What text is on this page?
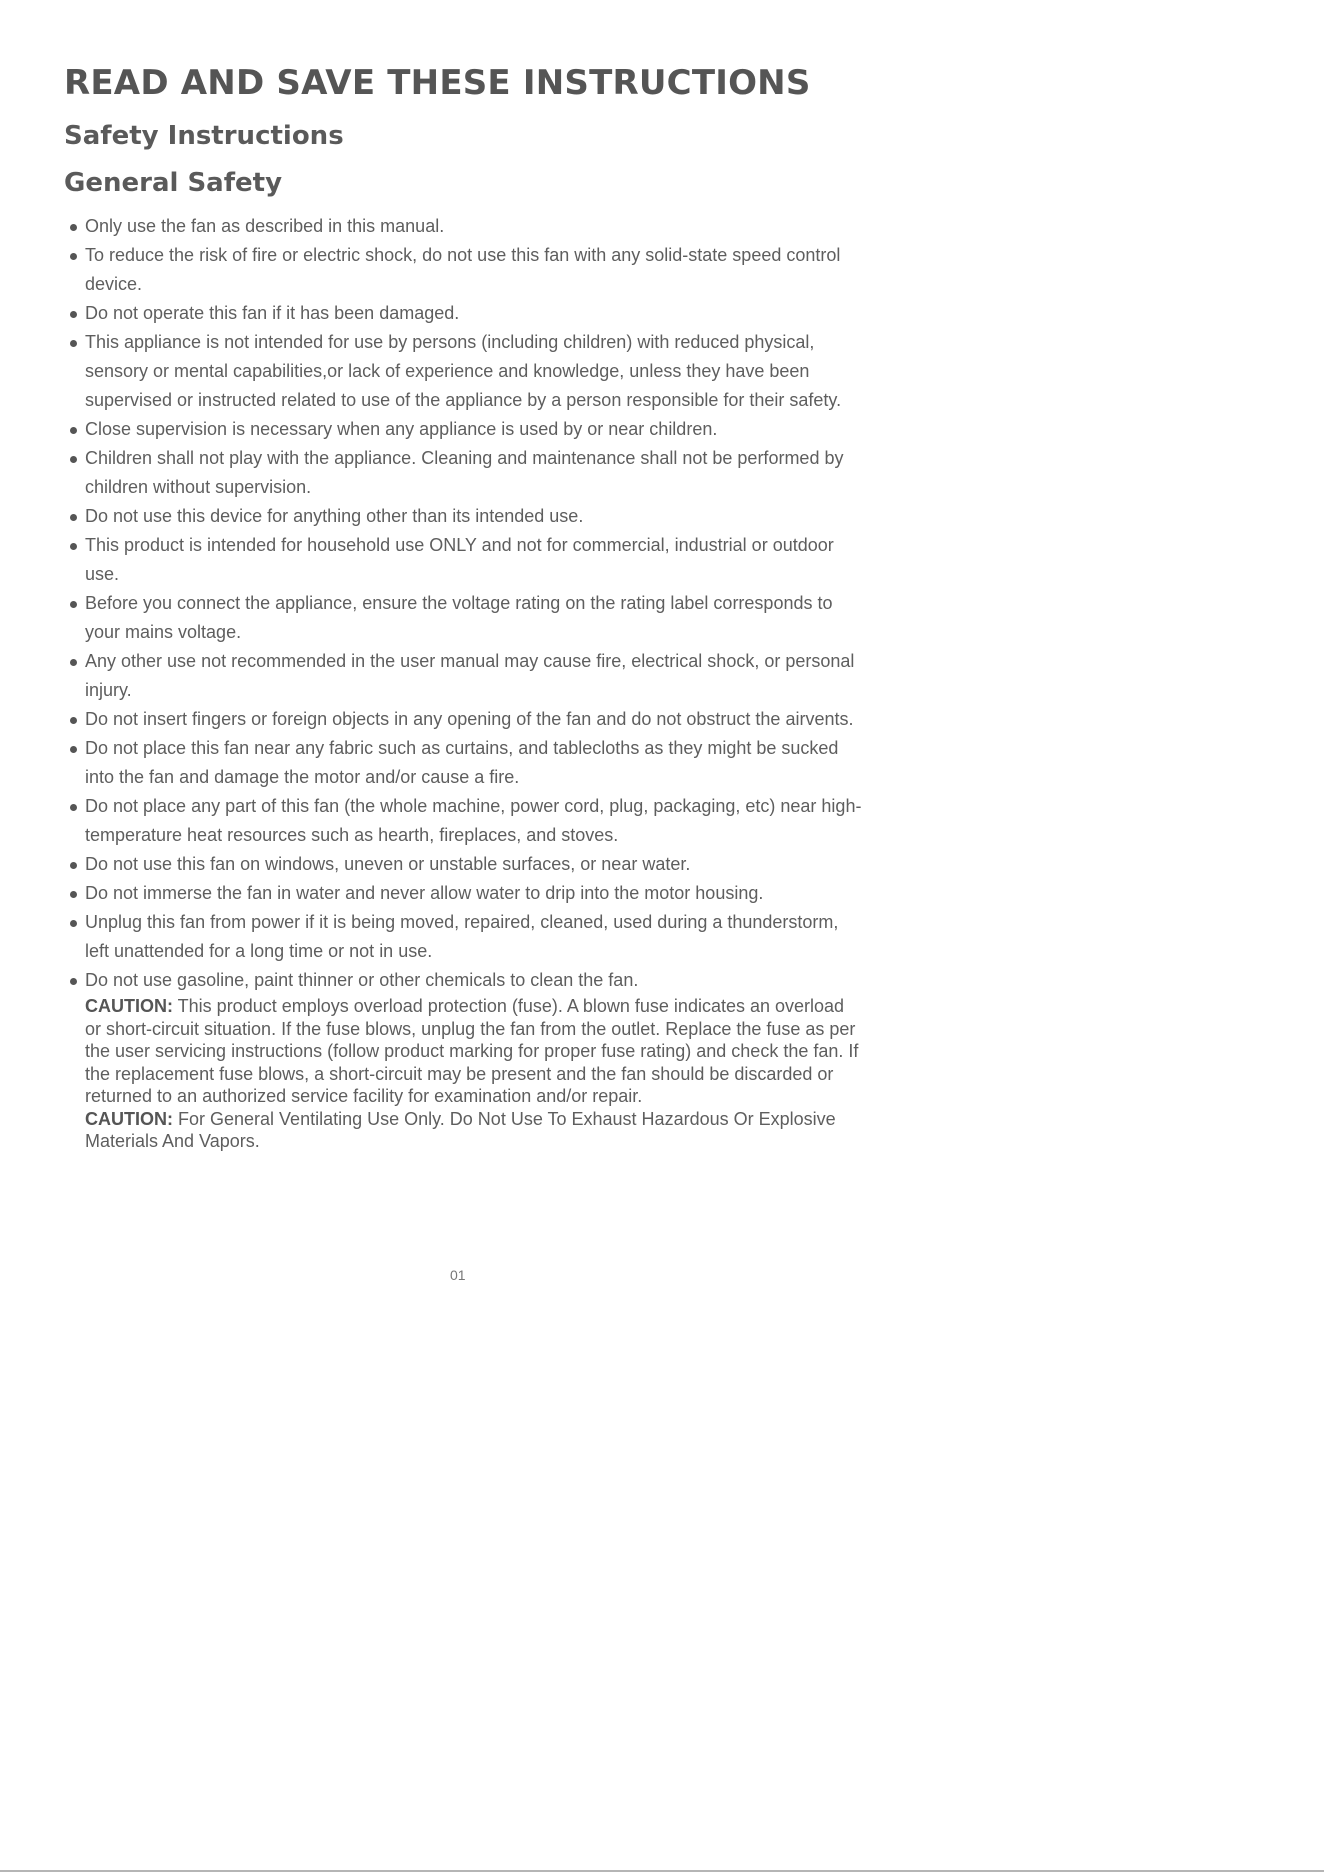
READ AND SAVE THESE INSTRUCTIONS
Safety Instructions
General Safety
Only use the fan as described in this manual.
To reduce the risk of fire or electric shock, do not use this fan with any solid-state speed control device.
Do not operate this fan if it has been damaged.
This appliance is not intended for use by persons (including children) with reduced physical, sensory or mental capabilities,or lack of experience and knowledge, unless they have been supervised or instructed related to use of the appliance by a person responsible for their safety.
Close supervision is necessary when any appliance is used by or near children.
Children shall not play with the appliance. Cleaning and maintenance shall not be performed by children without supervision.
Do not use this device for anything other than its intended use.
This product is intended for household use ONLY and not for commercial, industrial or outdoor use.
Before you connect the appliance, ensure the voltage rating on the rating label corresponds to your mains voltage.
Any other use not recommended in the user manual may cause fire, electrical shock, or personal injury.
Do not insert fingers or foreign objects in any opening of the fan and do not obstruct the airvents.
Do not place this fan near any fabric such as curtains, and tablecloths as they might be sucked into the fan and damage the motor and/or cause a fire.
Do not place any part of this fan (the whole machine, power cord, plug, packaging, etc) near high-temperature heat resources such as hearth, fireplaces, and stoves.
Do not use this fan on windows, uneven or unstable surfaces, or near water.
Do not immerse the fan in water and never allow water to drip into the motor housing.
Unplug this fan from power if it is being moved, repaired, cleaned, used during a thunderstorm, left unattended for a long time or not in use.
Do not use gasoline, paint thinner or other chemicals to clean the fan.

CAUTION: This product employs overload protection (fuse). A blown fuse indicates an overload or short-circuit situation. If the fuse blows, unplug the fan from the outlet. Replace the fuse as per the user servicing instructions (follow product marking for proper fuse rating) and check the fan. If the replacement fuse blows, a short-circuit may be present and the fan should be discarded or returned to an authorized service facility for examination and/or repair.

CAUTION: For General Ventilating Use Only. Do Not Use To Exhaust Hazardous Or Explosive Materials And Vapors.

01
